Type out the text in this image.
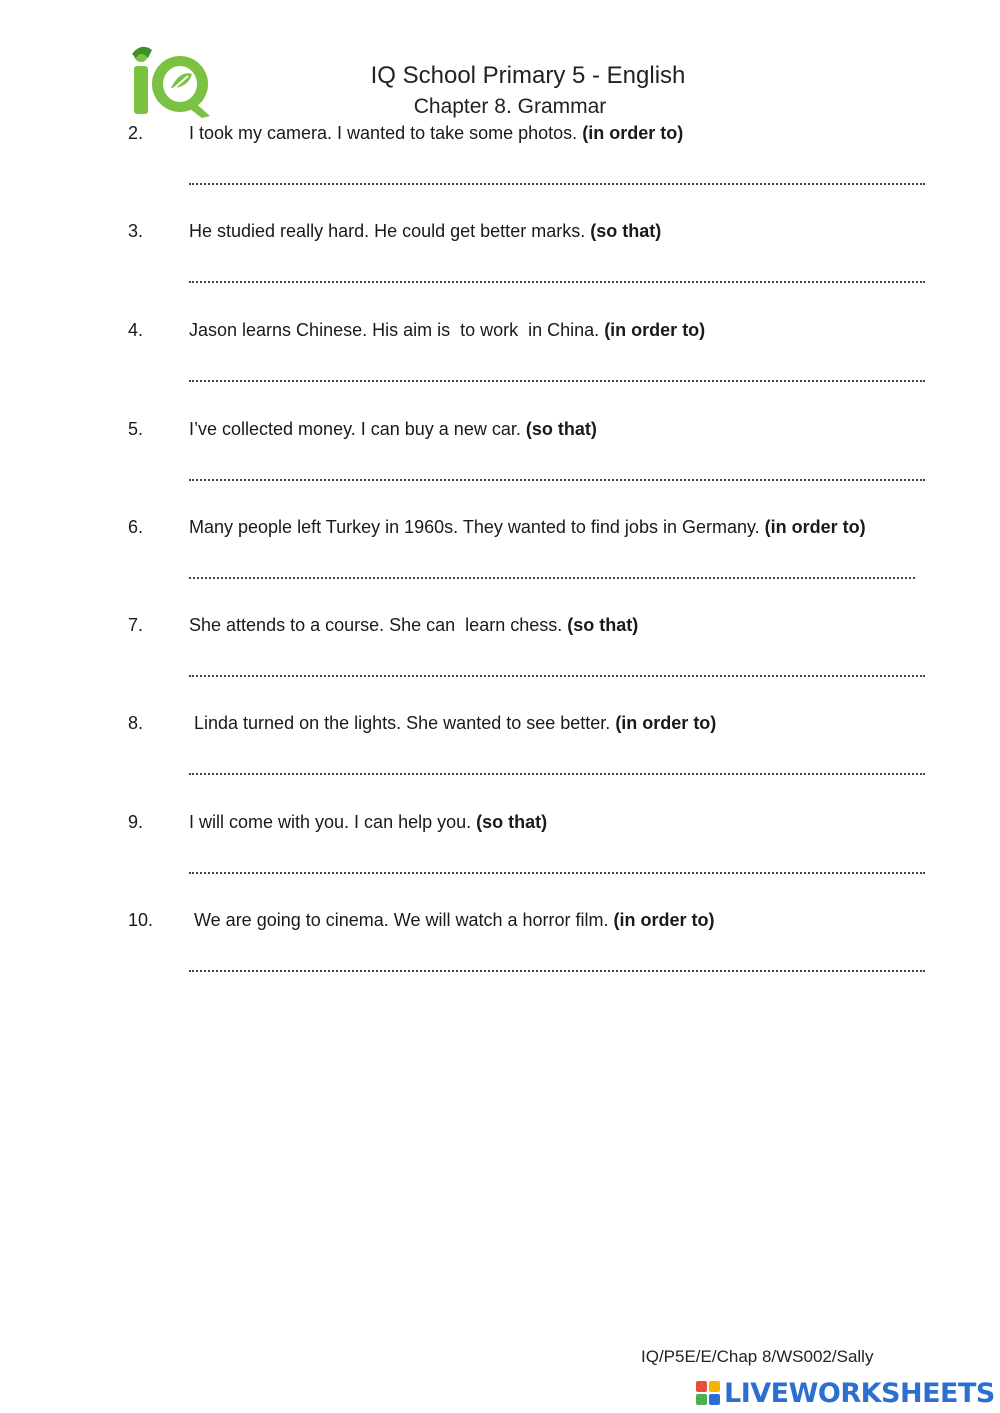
IQ School Primary 5 - English
Chapter 8. Grammar
2.	I took my camera. I wanted to take some photos. (in order to)
3.	He studied really hard. He could get better marks. (so that)
4.	Jason learns Chinese. His aim is  to work  in China. (in order to)
5.	I’ve collected money. I can buy a new car. (so that)
6.	Many people left Turkey in 1960s. They wanted to find jobs in Germany. (in order to)
7.	She attends to a course. She can  learn chess. (so that)
8.	Linda turned on the lights. She wanted to see better. (in order to)
9.	I will come with you. I can help you. (so that)
10. We are going to cinema. We will watch a horror film. (in order to)
IQ/P5E/E/Chap 8/WS002/Sally
LIVEWORKSHEETS
